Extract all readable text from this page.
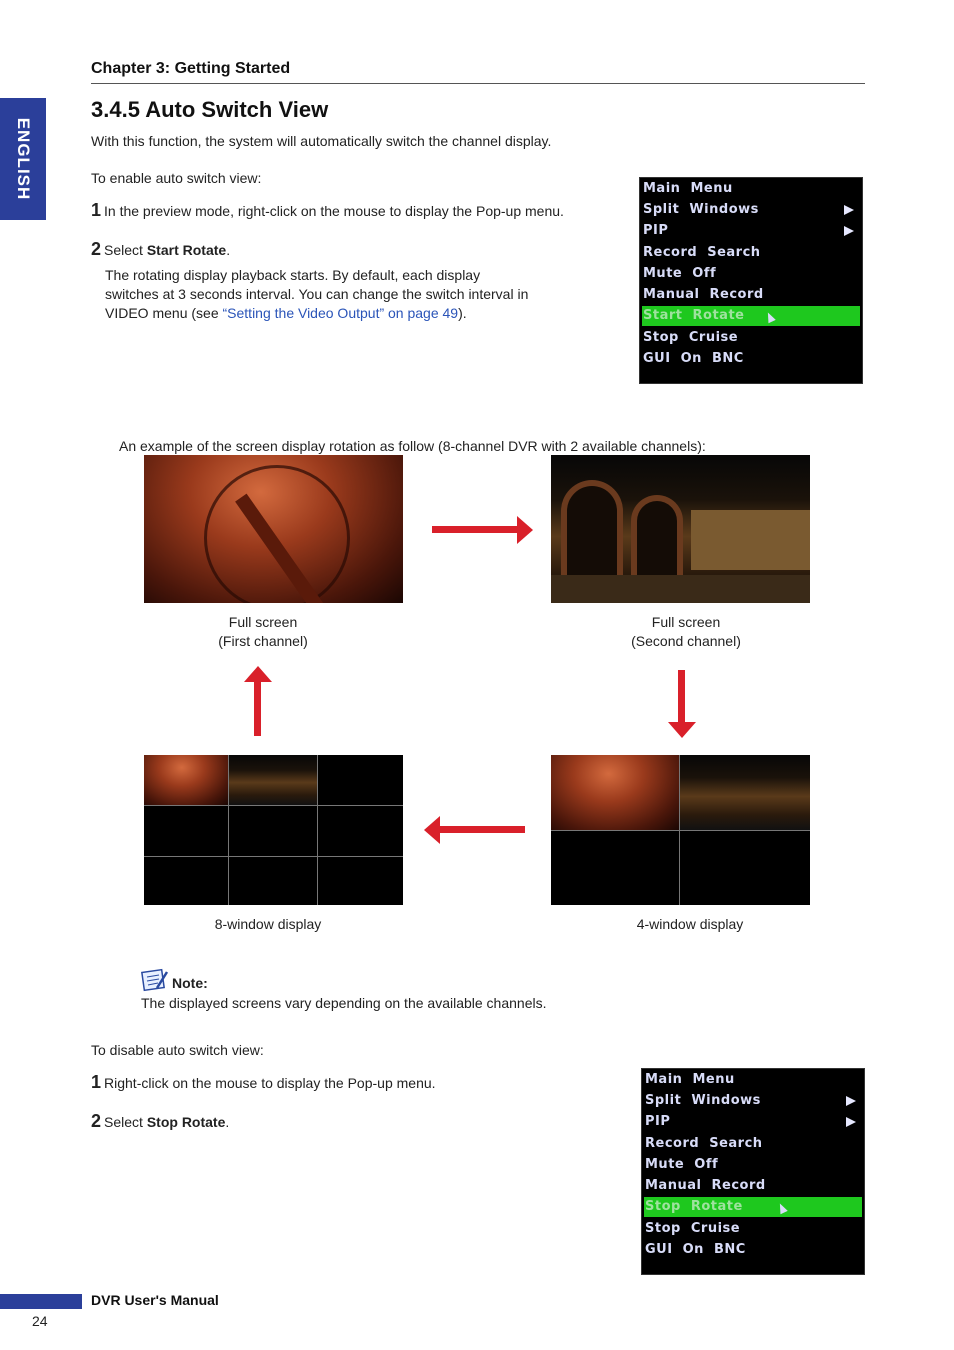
Chapter 3: Getting Started
ENGLISH
3.4.5 Auto Switch View
With this function, the system will automatically switch the channel display.
To enable auto switch view:
1 In the preview mode, right-click on the mouse to display the Pop-up menu.
2 Select Start Rotate.
The rotating display playback starts. By default, each display
switches at 3 seconds interval. You can change the switch interval in
VIDEO menu (see “Setting the Video Output” on page 49).
Main  Menu
Split  Windows
PIP
Record  Search
Mute  Off
Manual  Record
Start  Rotate
Stop  Cruise
GUI  On  BNC
An example of the screen display rotation as follow (8-channel DVR with 2 available channels):
Full screen
(First channel)
Full screen
(Second channel)
8-window display	4-window display
Note:
The displayed screens vary depending on the available channels.
To disable auto switch view:
1 Right-click on the mouse to display the Pop-up menu.
2 Select Stop Rotate.
Main  Menu
Split  Windows
PIP
Record  Search
Mute  Off
Manual  Record
Stop  Rotate
Stop  Cruise
GUI  On  BNC
DVR User's Manual
24
